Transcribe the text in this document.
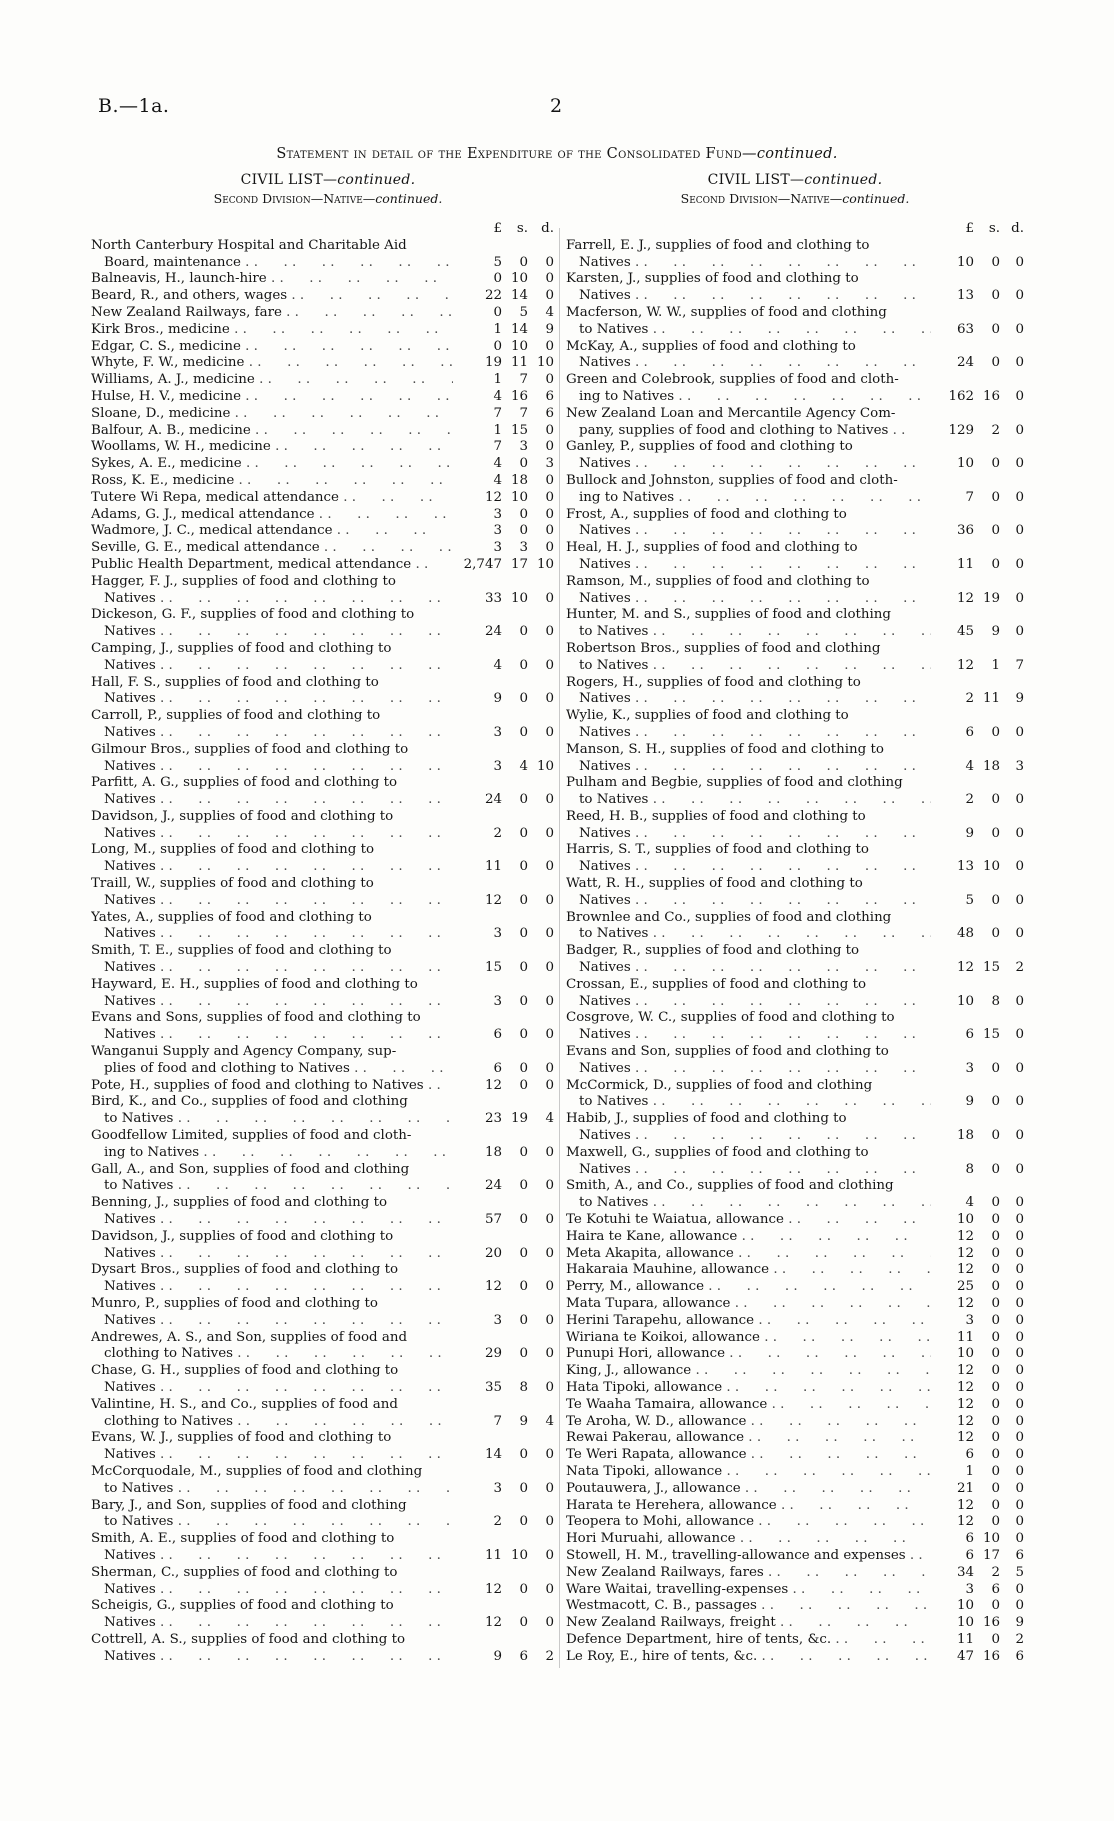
B.—1a.	2
Statement in detail of the Expenditure of the Consolidated Fund—continued.
CIVIL LIST—continued.
Second Division—Native—continued.
CIVIL LIST—continued.
Second Division—Native—continued.
£	s. d.
North Canterbury Hospital and Charitable Aid
Board, maintenance . .	5	0	0
Balneavis, H., launch-hire . .	0 10	0
Beard, R., and others, wages . .	22 14	0
New Zealand Railways, fare . .	0	5	4
Kirk Bros., medicine . .	1 14	9
Edgar, C. S., medicine . .	0 10	0
Whyte, F. W., medicine . .	19 11 10
Williams, A. J., medicine . .	1	7	0
Hulse, H. V., medicine . .	4 16	6
Sloane, D., medicine . .	7	7	6
Balfour, A. B., medicine . .	1 15	0
Woollams, W. H., medicine . .	7	3	0
Sykes, A. E., medicine . .	4	0	3
Ross, K. E., medicine . .	4 18	0
Tutere Wi Repa, medical attendance . .	12 10	0
Adams, G. J., medical attendance . .	3	0	0
Wadmore, J. C., medical attendance . .	3	0	0
Seville, G. E., medical attendance . .	3	3	0
Public Health Department, medical attendance . .	2,747 17 10
Hagger, F. J., supplies of food and clothing to
Natives . .	33 10	0
Dickeson, G. F., supplies of food and clothing to
Natives . .	24	0	0
Camping, J., supplies of food and clothing to
Natives . .	4	0	0
Hall, F. S., supplies of food and clothing to
Natives . .	9	0	0
Carroll, P., supplies of food and clothing to
Natives . .	3	0	0
Gilmour Bros., supplies of food and clothing to
Natives . .	3	4 10
Parfitt, A. G., supplies of food and clothing to
Natives . .	24	0	0
Davidson, J., supplies of food and clothing to
Natives . .	2	0	0
Long, M., supplies of food and clothing to
Natives . .	11	0	0
Traill, W., supplies of food and clothing to
Natives . .	12	0	0
Yates, A., supplies of food and clothing to
Natives . .	3	0	0
Smith, T. E., supplies of food and clothing to
Natives . .	15	0	0
Hayward, E. H., supplies of food and clothing to
Natives . .	3	0	0
Evans and Sons, supplies of food and clothing to
Natives . .	6	0	0
Wanganui Supply and Agency Company, sup-
plies of food and clothing to Natives . .	6	0	0
Pote, H., supplies of food and clothing to Natives . .	12	0	0
Bird, K., and Co., supplies of food and clothing
to Natives . .	23 19	4
Goodfellow Limited, supplies of food and cloth-
ing to Natives . .	18	0	0
Gall, A., and Son, supplies of food and clothing
to Natives . .	24	0	0
Benning, J., supplies of food and clothing to
Natives . .	57	0	0
Davidson, J., supplies of food and clothing to
Natives . .	20	0	0
Dysart Bros., supplies of food and clothing to
Natives . .	12	0	0
Munro, P., supplies of food and clothing to
Natives . .	3	0	0
Andrewes, A. S., and Son, supplies of food and
clothing to Natives . .	29	0	0
Chase, G. H., supplies of food and clothing to
Natives . .	35	8	0
Valintine, H. S., and Co., supplies of food and
clothing to Natives . .	7	9	4
Evans, W. J., supplies of food and clothing to
Natives . .	14	0	0
McCorquodale, M., supplies of food and clothing
to Natives . .	3	0	0
Bary, J., and Son, supplies of food and clothing
to Natives . .	2	0	0
Smith, A. E., supplies of food and clothing to
Natives . .	11 10	0
Sherman, C., supplies of food and clothing to
Natives . .	12	0	0
Scheigis, G., supplies of food and clothing to
Natives . .	12	0	0
Cottrell, A. S., supplies of food and clothing to
Natives . .	9	6	2
£	s. d.
Farrell, E. J., supplies of food and clothing to
Natives . .	10	0	0
Karsten, J., supplies of food and clothing to
Natives . .	13	0	0
Macferson, W. W., supplies of food and clothing
to Natives . .	63	0	0
McKay, A., supplies of food and clothing to
Natives . .	24	0	0
Green and Colebrook, supplies of food and cloth-
ing to Natives . .	162 16	0
New Zealand Loan and Mercantile Agency Com-
pany, supplies of food and clothing to Natives . .	129	2	0
Ganley, P., supplies of food and clothing to
Natives . .	10	0	0
Bullock and Johnston, supplies of food and cloth-
ing to Natives . .	7	0	0
Frost, A., supplies of food and clothing to
Natives . .	36	0	0
Heal, H. J., supplies of food and clothing to
Natives . .	11	0	0
Ramson, M., supplies of food and clothing to
Natives . .	12 19	0
Hunter, M. and S., supplies of food and clothing
to Natives . .	45	9	0
Robertson Bros., supplies of food and clothing
to Natives . .	12	1	7
Rogers, H., supplies of food and clothing to
Natives . .	2 11	9
Wylie, K., supplies of food and clothing to
Natives . .	6	0	0
Manson, S. H., supplies of food and clothing to
Natives . .	4 18	3
Pulham and Begbie, supplies of food and clothing
to Natives . .	2	0	0
Reed, H. B., supplies of food and clothing to
Natives . .	9	0	0
Harris, S. T., supplies of food and clothing to
Natives . .	13 10	0
Watt, R. H., supplies of food and clothing to
Natives . .	5	0	0
Brownlee and Co., supplies of food and clothing
to Natives . .	48	0	0
Badger, R., supplies of food and clothing to
Natives . .	12 15	2
Crossan, E., supplies of food and clothing to
Natives . .	10	8	0
Cosgrove, W. C., supplies of food and clothing to
Natives . .	6 15	0
Evans and Son, supplies of food and clothing to
Natives . .	3	0	0
McCormick, D., supplies of food and clothing
to Natives . .	9	0	0
Habib, J., supplies of food and clothing to
Natives . .	18	0	0
Maxwell, G., supplies of food and clothing to
Natives . .	8	0	0
Smith, A., and Co., supplies of food and clothing
to Natives . .	4	0	0
Te Kotuhi te Waiatua, allowance . .	10	0	0
Haira te Kane, allowance . .	12	0	0
Meta Akapita, allowance . .	12	0	0
Hakaraia Mauhine, allowance . .	12	0	0
Perry, M., allowance . .	25	0	0
Mata Tupara, allowance . .	12	0	0
Herini Tarapehu, allowance . .	3	0	0
Wiriana te Koikoi, allowance . .	11	0	0
Punupi Hori, allowance . .	10	0	0
King, J., allowance . .	12	0	0
Hata Tipoki, allowance . .	12	0	0
Te Waaha Tamaira, allowance . .	12	0	0
Te Aroha, W. D., allowance . .	12	0	0
Rewai Pakerau, allowance . .	12	0	0
Te Weri Rapata, allowance . .	6	0	0
Nata Tipoki, allowance . .	1	0	0
Poutauwera, J., allowance . .	21	0	0
Harata te Herehera, allowance . .	12	0	0
Teopera to Mohi, allowance . .	12	0	0
Hori Muruahi, allowance . .	6 10	0
Stowell, H. M., travelling-allowance and expenses . .	6 17	6
New Zealand Railways, fares . .	34	2	5
Ware Waitai, travelling-expenses . .	3	6	0
Westmacott, C. B., passages . .	10	0	0
New Zealand Railways, freight . .	10 16	9
Defence Department, hire of tents, &c. . .	11	0	2
Le Roy, E., hire of tents, &c. . .	47 16	6
